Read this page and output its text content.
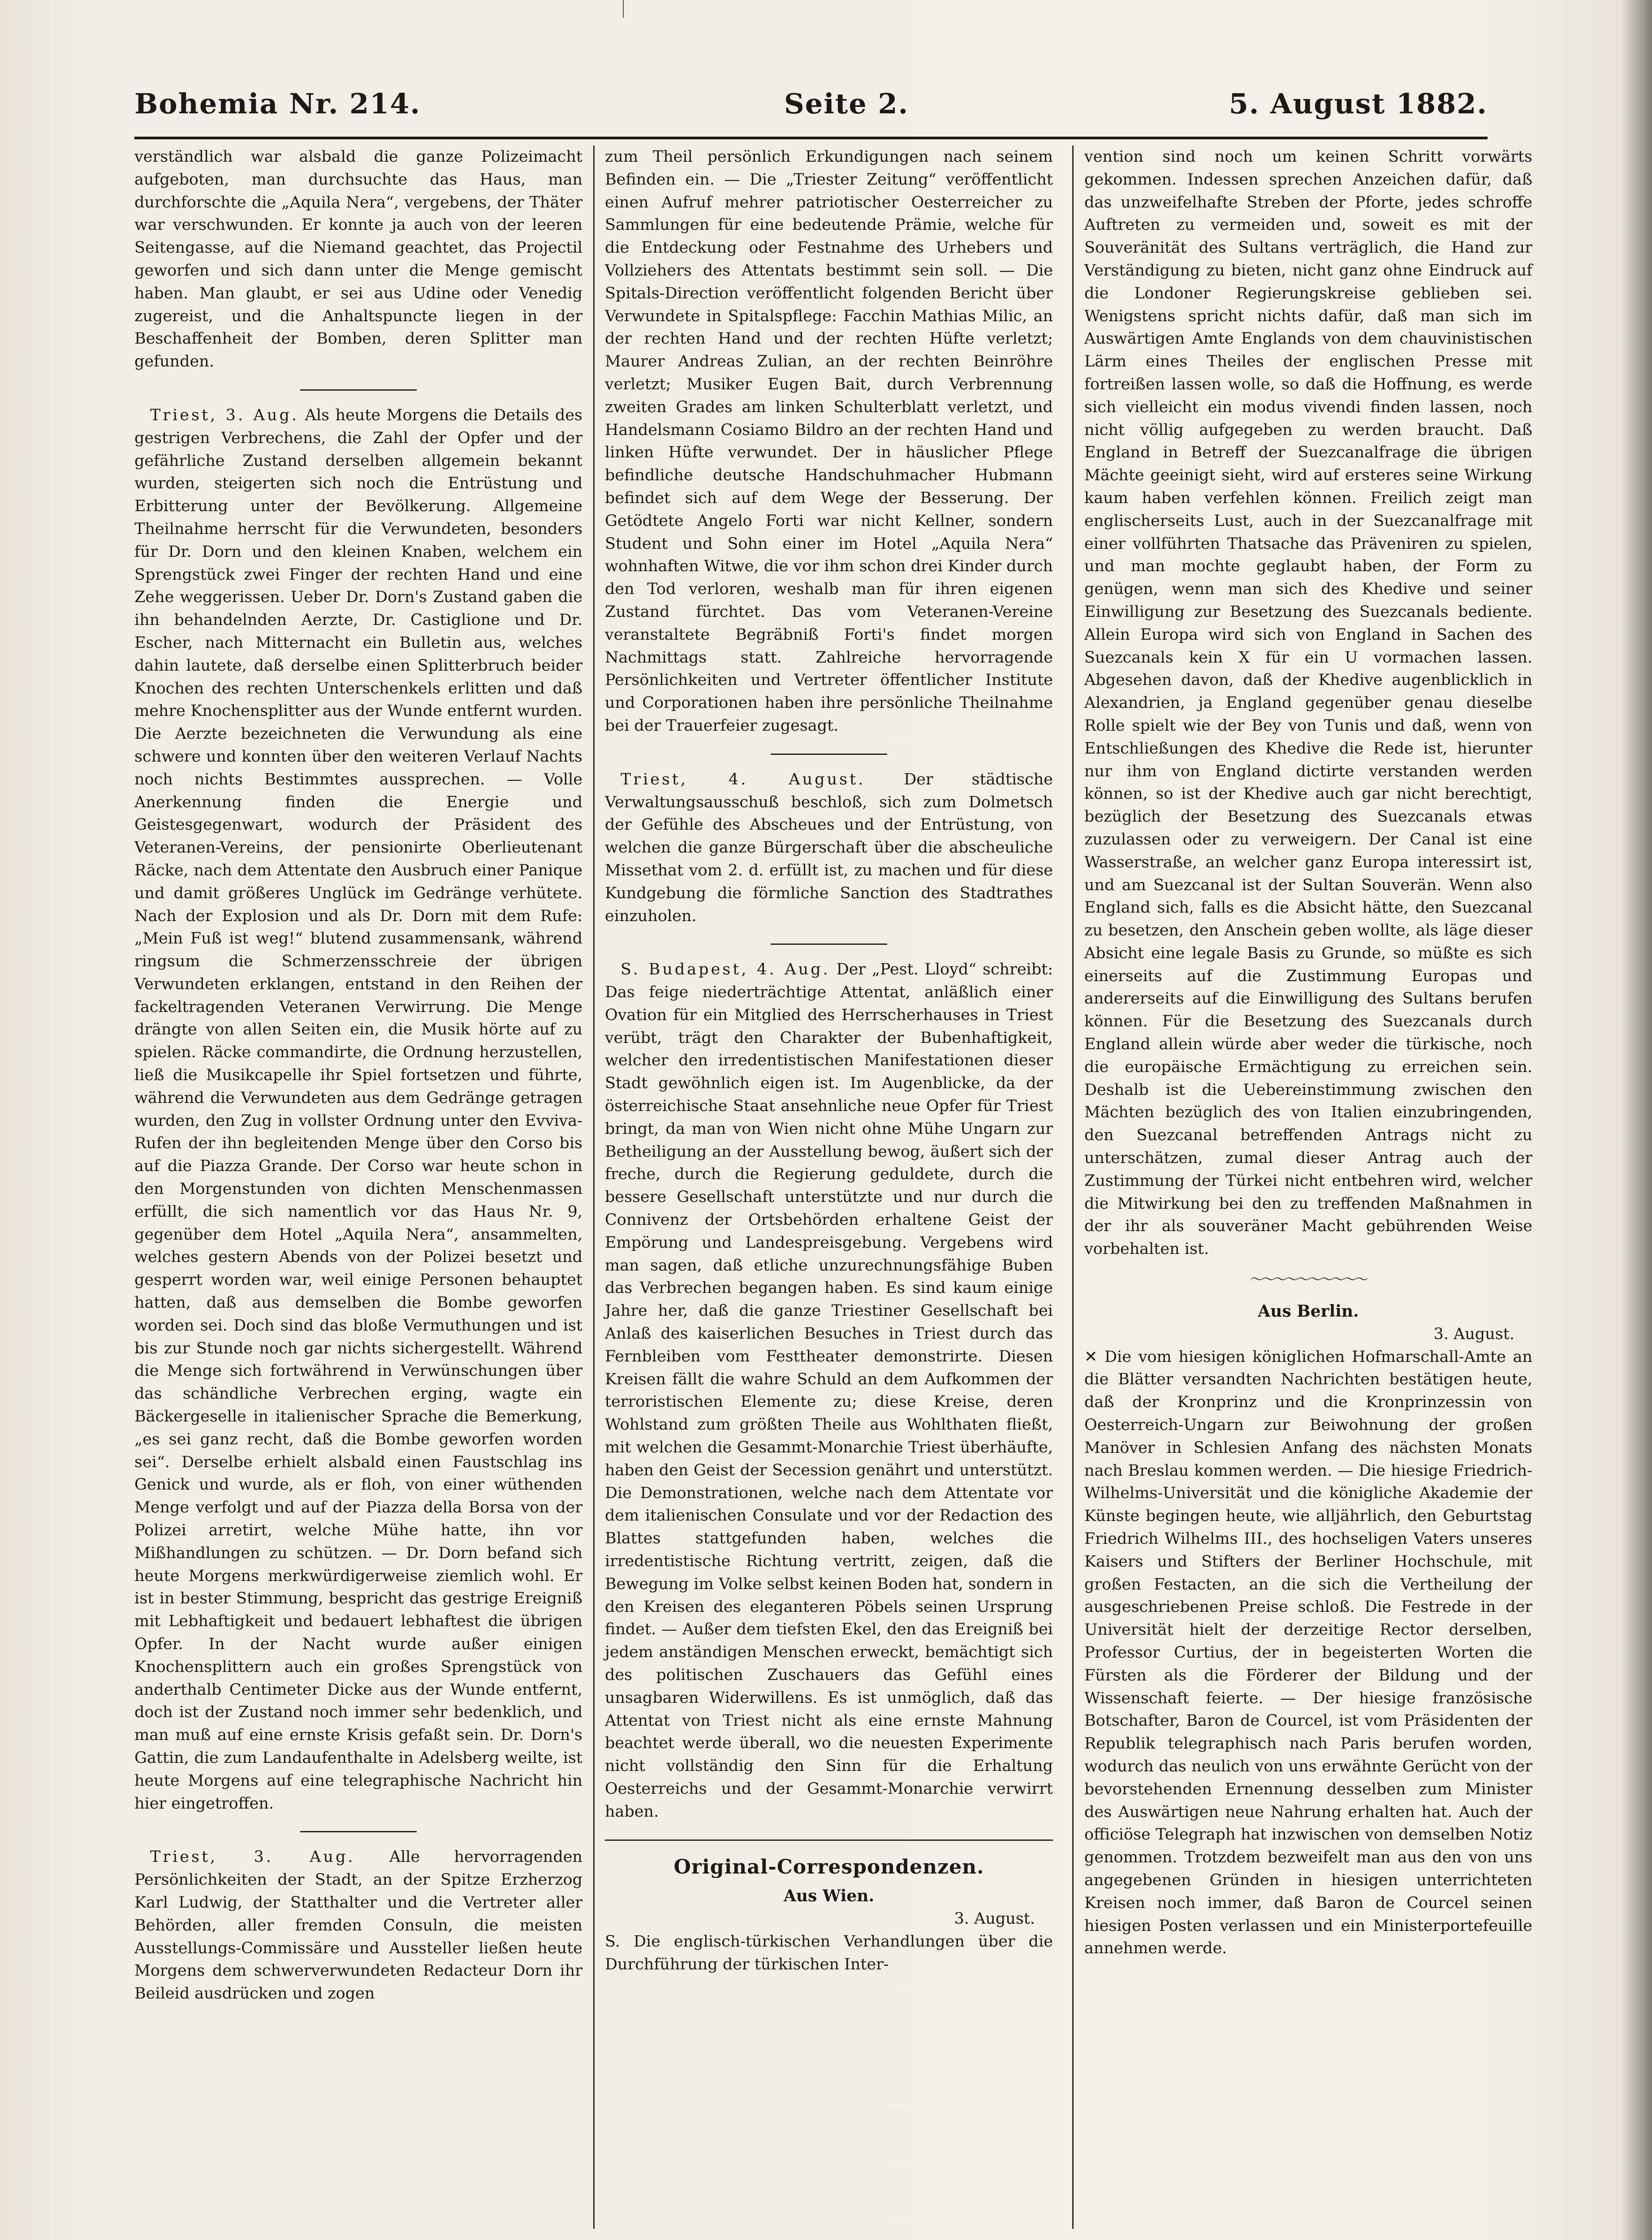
Bohemia Nr. 214.	Seite 2.	5. August 1882.

verständlich war alsbald die ganze Polizeimacht aufgeboten, man durchsuchte das Haus, man durchforschte die „Aquila Nera“, vergebens, der Thäter war verschwunden. Er konnte ja auch von der leeren Seitengasse, auf die Niemand geachtet, das Projectil geworfen und sich dann unter die Menge gemischt haben. Man glaubt, er sei aus Udine oder Venedig zugereist, und die Anhaltspuncte liegen in der Beschaffenheit der Bomben, deren Splitter man gefunden.

 Triest, 3. Aug. Als heute Morgens die Details des gestrigen Verbrechens, die Zahl der Opfer und der gefährliche Zustand derselben allgemein bekannt wurden, steigerten sich noch die Entrüstung und Erbitterung unter der Bevölkerung. Allgemeine Theilnahme herrscht für die Verwundeten, besonders für Dr. Dorn und den kleinen Knaben, welchem ein Sprengstück zwei Finger der rechten Hand und eine Zehe weggerissen. Ueber Dr. Dorn's Zustand gaben die ihn behandelnden Aerzte, Dr. Castiglione und Dr. Escher, nach Mitternacht ein Bulletin aus, welches dahin lautete, daß derselbe einen Splitterbruch beider Knochen des rechten Unterschenkels erlitten und daß mehre Knochensplitter aus der Wunde entfernt wurden. Die Aerzte bezeichneten die Verwundung als eine schwere und konnten über den weiteren Verlauf Nachts noch nichts Bestimmtes aussprechen. — Volle Anerkennung finden die Energie und Geistesgegenwart, wodurch der Präsident des Veteranen-Vereins, der pensionirte Oberlieutenant Räcke, nach dem Attentate den Ausbruch einer Panique und damit größeres Unglück im Gedränge verhütete. Nach der Explosion und als Dr. Dorn mit dem Rufe: „Mein Fuß ist weg!“ blutend zusammensank, während ringsum die Schmerzensschreie der übrigen Verwundeten erklangen, entstand in den Reihen der fackeltragenden Veteranen Verwirrung. Die Menge drängte von allen Seiten ein, die Musik hörte auf zu spielen. Räcke commandirte, die Ordnung herzustellen, ließ die Musikcapelle ihr Spiel fortsetzen und führte, während die Verwundeten aus dem Gedränge getragen wurden, den Zug in vollster Ordnung unter den Evviva-Rufen der ihn begleitenden Menge über den Corso bis auf die Piazza Grande. Der Corso war heute schon in den Morgenstunden von dichten Menschenmassen erfüllt, die sich namentlich vor das Haus Nr. 9, gegenüber dem Hotel „Aquila Nera“, ansammelten, welches gestern Abends von der Polizei besetzt und gesperrt worden war, weil einige Personen behauptet hatten, daß aus demselben die Bombe geworfen worden sei. Doch sind das bloße Vermuthungen und ist bis zur Stunde noch gar nichts sichergestellt. Während die Menge sich fortwährend in Verwünschungen über das schändliche Verbrechen erging, wagte ein Bäckergeselle in italienischer Sprache die Bemerkung, „es sei ganz recht, daß die Bombe geworfen worden sei“. Derselbe erhielt alsbald einen Faustschlag ins Genick und wurde, als er floh, von einer wüthenden Menge verfolgt und auf der Piazza della Borsa von der Polizei arretirt, welche Mühe hatte, ihn vor Mißhandlungen zu schützen. — Dr. Dorn befand sich heute Morgens merkwürdigerweise ziemlich wohl. Er ist in bester Stimmung, bespricht das gestrige Ereigniß mit Lebhaftigkeit und bedauert lebhaftest die übrigen Opfer. In der Nacht wurde außer einigen Knochensplittern auch ein großes Sprengstück von anderthalb Centimeter Dicke aus der Wunde entfernt, doch ist der Zustand noch immer sehr bedenklich, und man muß auf eine ernste Krisis gefaßt sein. Dr. Dorn's Gattin, die zum Landaufenthalte in Adelsberg weilte, ist heute Morgens auf eine telegraphische Nachricht hin hier eingetroffen.

 Triest, 3. Aug. Alle hervorragenden Persönlichkeiten der Stadt, an der Spitze Erzherzog Karl Ludwig, der Statthalter und die Vertreter aller Behörden, aller fremden Consuln, die meisten Ausstellungs-Commissäre und Aussteller ließen heute Morgens dem schwerverwundeten Redacteur Dorn ihr Beileid ausdrücken und zogen

zum Theil persönlich Erkundigungen nach seinem Befinden ein. — Die „Triester Zeitung“ veröffentlicht einen Aufruf mehrer patriotischer Oesterreicher zu Sammlungen für eine bedeutende Prämie, welche für die Entdeckung oder Festnahme des Urhebers und Vollziehers des Attentats bestimmt sein soll. — Die Spitals-Direction veröffentlicht folgenden Bericht über Verwundete in Spitalspflege: Facchin Mathias Milic, an der rechten Hand und der rechten Hüfte verletzt; Maurer Andreas Zulian, an der rechten Beinröhre verletzt; Musiker Eugen Bait, durch Verbrennung zweiten Grades am linken Schulterblatt verletzt, und Handelsmann Cosiamo Bildro an der rechten Hand und linken Hüfte verwundet. Der in häuslicher Pflege befindliche deutsche Handschuhmacher Hubmann befindet sich auf dem Wege der Besserung. Der Getödtete Angelo Forti war nicht Kellner, sondern Student und Sohn einer im Hotel „Aquila Nera“ wohnhaften Witwe, die vor ihm schon drei Kinder durch den Tod verloren, weshalb man für ihren eigenen Zustand fürchtet. Das vom Veteranen-Vereine veranstaltete Begräbniß Forti's findet morgen Nachmittags statt. Zahlreiche hervorragende Persönlichkeiten und Vertreter öffentlicher Institute und Corporationen haben ihre persönliche Theilnahme bei der Trauerfeier zugesagt.

 Triest, 4. August. Der städtische Verwaltungsausschuß beschloß, sich zum Dolmetsch der Gefühle des Abscheues und der Entrüstung, von welchen die ganze Bürgerschaft über die abscheuliche Missethat vom 2. d. erfüllt ist, zu machen und für diese Kundgebung die förmliche Sanction des Stadtrathes einzuholen.

 S. Budapest, 4. Aug. Der „Pest. Lloyd“ schreibt: Das feige niederträchtige Attentat, anläßlich einer Ovation für ein Mitglied des Herrscherhauses in Triest verübt, trägt den Charakter der Bubenhaftigkeit, welcher den irredentistischen Manifestationen dieser Stadt gewöhnlich eigen ist. Im Augenblicke, da der österreichische Staat ansehnliche neue Opfer für Triest bringt, da man von Wien nicht ohne Mühe Ungarn zur Betheiligung an der Ausstellung bewog, äußert sich der freche, durch die Regierung geduldete, durch die bessere Gesellschaft unterstützte und nur durch die Connivenz der Ortsbehörden erhaltene Geist der Empörung und Landespreisgebung. Vergebens wird man sagen, daß etliche unzurechnungsfähige Buben das Verbrechen begangen haben. Es sind kaum einige Jahre her, daß die ganze Triestiner Gesellschaft bei Anlaß des kaiserlichen Besuches in Triest durch das Fernbleiben vom Festtheater demonstrirte. Diesen Kreisen fällt die wahre Schuld an dem Aufkommen der terroristischen Elemente zu; diese Kreise, deren Wohlstand zum größten Theile aus Wohlthaten fließt, mit welchen die Gesammt-Monarchie Triest überhäufte, haben den Geist der Secession genährt und unterstützt. Die Demonstrationen, welche nach dem Attentate vor dem italienischen Consulate und vor der Redaction des Blattes stattgefunden haben, welches die irredentistische Richtung vertritt, zeigen, daß die Bewegung im Volke selbst keinen Boden hat, sondern in den Kreisen des eleganteren Pöbels seinen Ursprung findet. — Außer dem tiefsten Ekel, den das Ereigniß bei jedem anständigen Menschen erweckt, bemächtigt sich des politischen Zuschauers das Gefühl eines unsagbaren Widerwillens. Es ist unmöglich, daß das Attentat von Triest nicht als eine ernste Mahnung beachtet werde überall, wo die neuesten Experimente nicht vollständig den Sinn für die Erhaltung Oesterreichs und der Gesammt-Monarchie verwirrt haben.

Original-Correspondenzen.
Aus Wien.
3. August.

S. Die englisch-türkischen Verhandlungen über die Durchführung der türkischen Inter-

vention sind noch um keinen Schritt vorwärts gekommen. Indessen sprechen Anzeichen dafür, daß das unzweifelhafte Streben der Pforte, jedes schroffe Auftreten zu vermeiden und, soweit es mit der Souveränität des Sultans verträglich, die Hand zur Verständigung zu bieten, nicht ganz ohne Eindruck auf die Londoner Regierungskreise geblieben sei. Wenigstens spricht nichts dafür, daß man sich im Auswärtigen Amte Englands von dem chauvinistischen Lärm eines Theiles der englischen Presse mit fortreißen lassen wolle, so daß die Hoffnung, es werde sich vielleicht ein modus vivendi finden lassen, noch nicht völlig aufgegeben zu werden braucht. Daß England in Betreff der Suezcanalfrage die übrigen Mächte geeinigt sieht, wird auf ersteres seine Wirkung kaum haben verfehlen können. Freilich zeigt man englischerseits Lust, auch in der Suezcanalfrage mit einer vollführten Thatsache das Präveniren zu spielen, und man mochte geglaubt haben, der Form zu genügen, wenn man sich des Khedive und seiner Einwilligung zur Besetzung des Suezcanals bediente. Allein Europa wird sich von England in Sachen des Suezcanals kein X für ein U vormachen lassen. Abgesehen davon, daß der Khedive augenblicklich in Alexandrien, ja England gegenüber genau dieselbe Rolle spielt wie der Bey von Tunis und daß, wenn von Entschließungen des Khedive die Rede ist, hierunter nur ihm von England dictirte verstanden werden können, so ist der Khedive auch gar nicht berechtigt, bezüglich der Besetzung des Suezcanals etwas zuzulassen oder zu verweigern. Der Canal ist eine Wasserstraße, an welcher ganz Europa interessirt ist, und am Suezcanal ist der Sultan Souverän. Wenn also England sich, falls es die Absicht hätte, den Suezcanal zu besetzen, den Anschein geben wollte, als läge dieser Absicht eine legale Basis zu Grunde, so müßte es sich einerseits auf die Zustimmung Europas und andererseits auf die Einwilligung des Sultans berufen können. Für die Besetzung des Suezcanals durch England allein würde aber weder die türkische, noch die europäische Ermächtigung zu erreichen sein. Deshalb ist die Uebereinstimmung zwischen den Mächten bezüglich des von Italien einzubringenden, den Suezcanal betreffenden Antrags nicht zu unterschätzen, zumal dieser Antrag auch der Zustimmung der Türkei nicht entbehren wird, welcher die Mitwirkung bei den zu treffenden Maßnahmen in der ihr als souveräner Macht gebührenden Weise vorbehalten ist.

〜〜〜〜〜〜〜〜〜〜
Aus Berlin.
3. August.

✕ Die vom hiesigen königlichen Hofmarschall-Amte an die Blätter versandten Nachrichten bestätigen heute, daß der Kronprinz und die Kronprinzessin von Oesterreich-Ungarn zur Beiwohnung der großen Manöver in Schlesien Anfang des nächsten Monats nach Breslau kommen werden. — Die hiesige Friedrich-Wilhelms-Universität und die königliche Akademie der Künste begingen heute, wie alljährlich, den Geburtstag Friedrich Wilhelms III., des hochseligen Vaters unseres Kaisers und Stifters der Berliner Hochschule, mit großen Festacten, an die sich die Vertheilung der ausgeschriebenen Preise schloß. Die Festrede in der Universität hielt der derzeitige Rector derselben, Professor Curtius, der in begeisterten Worten die Fürsten als die Förderer der Bildung und der Wissenschaft feierte. — Der hiesige französische Botschafter, Baron de Courcel, ist vom Präsidenten der Republik telegraphisch nach Paris berufen worden, wodurch das neulich von uns erwähnte Gerücht von der bevorstehenden Ernennung desselben zum Minister des Auswärtigen neue Nahrung erhalten hat. Auch der officiöse Telegraph hat inzwischen von demselben Notiz genommen. Trotzdem bezweifelt man aus den von uns angegebenen Gründen in hiesigen unterrichteten Kreisen noch immer, daß Baron de Courcel seinen hiesigen Posten verlassen und ein Ministerportefeuille annehmen werde.
